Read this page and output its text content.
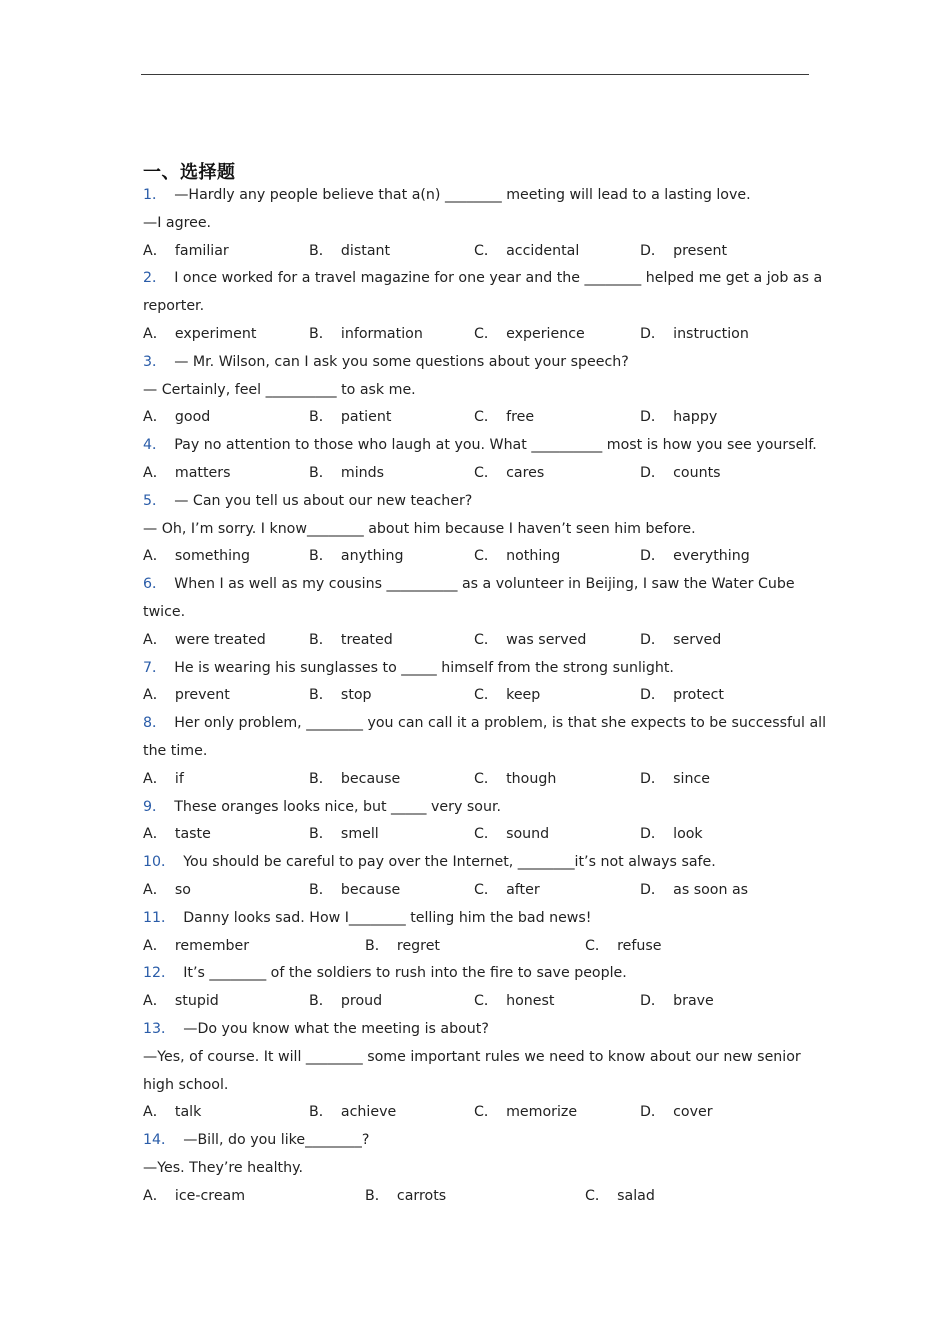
一、选择题
1． —Hardly any people believe that a(n) ________ meeting will lead to a lasting love.
—I agree.
A． familiar	B． distant	C． accidental	D． present
2． I once worked for a travel magazine for one year and the ________ helped me get a job as a
reporter.
A． experiment	B． information	C． experience	D． instruction
3． — Mr. Wilson, can I ask you some questions about your speech?
— Certainly, feel __________ to ask me.
A． good	B． patient	C． free	D． happy
4． Pay no attention to those who laugh at you. What __________ most is how you see yourself.
A． matters	B． minds	C． cares	D． counts
5． — Can you tell us about our new teacher?
— Oh, I’m sorry. I know________ about him because I haven’t seen him before.
A． something	B． anything	C． nothing	D． everything
6． When I as well as my cousins __________ as a volunteer in Beijing, I saw the Water Cube
twice.
A． were treated	B． treated	C． was served	D． served
7． He is wearing his sunglasses to _____ himself from the strong sunlight.
A． prevent	B． stop	C． keep	D． protect
8． Her only problem, ________ you can call it a problem, is that she expects to be successful all
the time.
A． if	B． because	C． though	D． since
9． These oranges looks nice, but _____ very sour.
A． taste	B． smell	C． sound	D． look
10． You should be careful to pay over the Internet, ________it’s not always safe.
A． so	B． because	C． after	D． as soon as
11． Danny looks sad. How I________ telling him the bad news!
A． remember	B． regret	C． refuse
12． It’s ________ of the soldiers to rush into the fire to save people.
A． stupid	B． proud	C． honest	D． brave
13． —Do you know what the meeting is about?
—Yes, of course. It will ________ some important rules we need to know about our new senior
high school.
A． talk	B． achieve	C． memorize	D． cover
14． —Bill, do you like________?
—Yes. They’re healthy.
A． ice-cream	B． carrots	C． salad
